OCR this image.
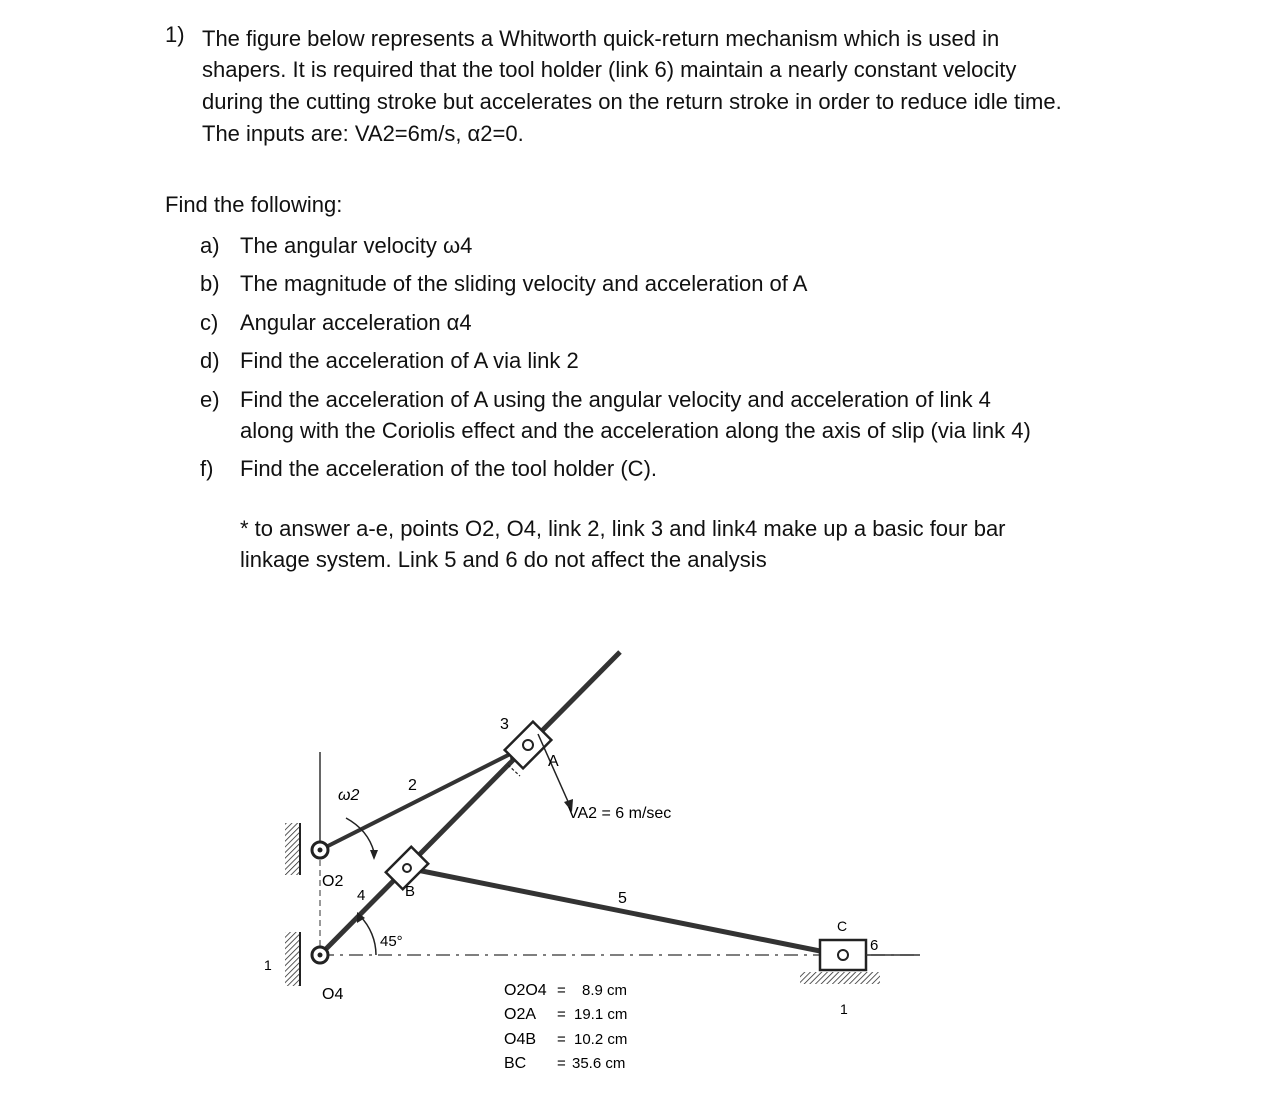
1) The figure below represents a Whitworth quick-return mechanism which is used in
shapers. It is required that the tool holder (link 6) maintain a nearly constant velocity
during the cutting stroke but accelerates on the return stroke in order to reduce idle time.
The inputs are: VA2=6m/s, α2=0.
Find the following:
a) The angular velocity ω4
b) The magnitude of the sliding velocity and acceleration of A
c) Angular acceleration α4
d) Find the acceleration of A via link 2
e) Find the acceleration of A using the angular velocity and acceleration of link 4
along with the Coriolis effect and the acceleration along the axis of slip (via link 4)
f) Find the acceleration of the tool holder (C).
* to answer a-e, points O2, O4, link 2, link 3 and link4 make up a basic four bar
linkage system. Link 5 and 6 do not affect the analysis
ω2
2
3
A
VA2 = 6 m/sec
O2
4	B	5
C
6
45°
1
O4
1
O2O4 = 8.9 cm
O2A = 19.1 cm
O4B = 10.2 cm
BC = 35.6 cm
